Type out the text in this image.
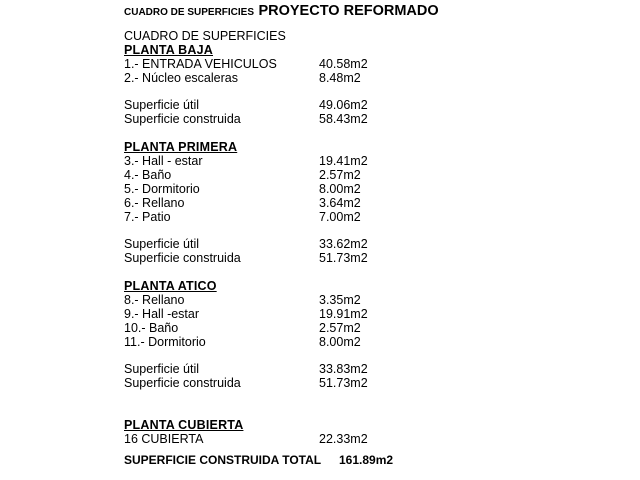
CUADRO DE SUPERFICIES PROYECTO REFORMADO
CUADRO DE SUPERFICIES
PLANTA BAJA
1.- ENTRADA VEHICULOS	40.58m2
2.- Núcleo escaleras	8.48m2
Superficie útil	49.06m2
Superficie construida	58.43m2
PLANTA PRIMERA
3.- Hall - estar	19.41m2
4.- Baño	2.57m2
5.- Dormitorio	8.00m2
6.- Rellano	3.64m2
7.- Patio	7.00m2
Superficie útil	33.62m2
Superficie construida	51.73m2
PLANTA ATICO
8.- Rellano	3.35m2
9.- Hall -estar	19.91m2
10.- Baño	2.57m2
11.- Dormitorio	8.00m2
Superficie útil	33.83m2
Superficie construida	51.73m2
PLANTA CUBIERTA
16 CUBIERTA	22.33m2
SUPERFICIE CONSTRUIDA TOTAL 161.89m2
